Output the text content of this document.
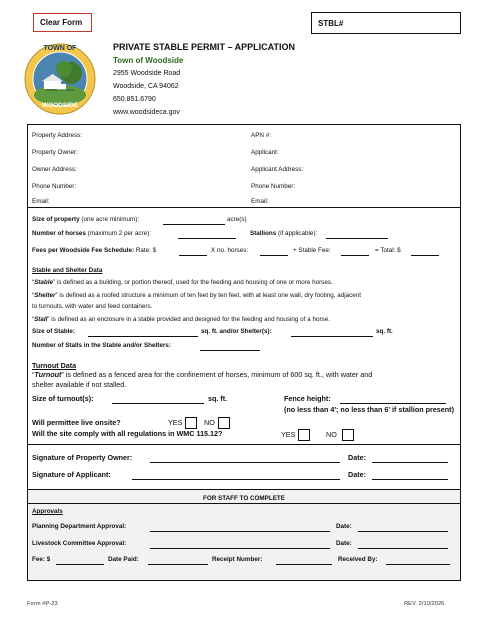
Clear Form	STBL#
TOWN OF
WOODSIDE
PRIVATE STABLE PERMIT – APPLICATION
Town of Woodside
2955 Woodside Road
Woodside, CA 94062
650.851.6790
www.woodsideca.gov
Property Address:	APN #:
Property Owner:	Applicant:
Owner Address:	Applicant Address:
Phone Number:	Phone Number:
Email:	Email:
Size of property (one acre minimum):	acre(s)
Number of horses (maximum 2 per acre):	Stallions (if applicable):
Fees per Woodside Fee Schedule: Rate: $	X no. horses:	+ Stable Fee:	= Total: $
Stable and Shelter Data
“Stable” is defined as a building, or portion thereof, used for the feeding and housing of one or more horses.
“Shelter” is defined as a roofed structure a minimum of ten feet by ten feet, with at least one wall, dry footing, adjacent
to turnouts, with water and feed containers.
“Stall” is defined as an enclosure in a stable provided and designed for the feeding and housing of a horse.
Size of Stable:	sq. ft. and/or Shelter(s):	sq. ft.
Number of Stalls in the Stable and/or Shelters:
Turnout Data
“Turnout” is defined as a fenced area for the confinement of horses, minimum of 600 sq. ft., with water and
shelter available if not stalled.
Size of turnout(s):	sq. ft.	Fence height:
(no less than 4'; no less than 6' if stallion present)
Will permittee live onsite?	YES	NO
Will the site comply with all regulations in WMC 115.12?	YES	NO
Signature of Property Owner:	Date:
Signature of Applicant:	Date:
FOR STAFF TO COMPLETE
Approvals
Planning Department Approval:	Date:
Livestock Committee Approval:	Date:
Fee: $	Date Paid:	Receipt Number:	Received By:
Form #P-23	REV. 2/10/2026
